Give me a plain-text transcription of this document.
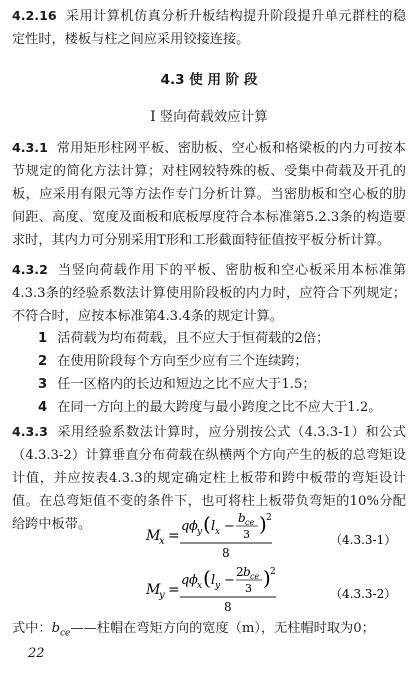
4.2.16 采用计算机仿真分析升板结构提升阶段提升单元群柱的稳定性时，楼板与柱之间应采用铰接连接。
4.3 使 用 阶 段
Ⅰ 竖向荷载效应计算
4.3.1 常用矩形柱网平板、密肋板、空心板和格梁板的内力可按本节规定的简化方法计算；对柱网较特殊的板、受集中荷载及开孔的板，应采用有限元等方法作专门分析计算。当密肋板和空心板的肋间距、高度、宽度及面板和底板厚度符合本标准第5.2.3条的构造要求时，其内力可分别采用T形和工形截面特征值按平板分析计算。
4.3.2 当竖向荷载作用下的平板、密肋板和空心板采用本标准第4.3.3条的经验系数法计算使用阶段板的内力时，应符合下列规定；不符合时，应按本标准第4.3.4条的规定计算。
1 活荷载为均布荷载，且不应大于恒荷载的2倍；
2 在使用阶段每个方向至少应有三个连续跨；
3 任一区格内的长边和短边之比不应大于1.5；
4 在同一方向上的最大跨度与最小跨度之比不应大于1.2。
4.3.3 采用经验系数法计算时，应分别按公式（4.3.3-1）和公式（4.3.3-2）计算垂直分布荷载在纵横两个方向产生的板的总弯矩设计值，并应按表4.3.3的规定确定柱上板带和跨中板带的弯矩设计值。在总弯矩值不变的条件下，也可将柱上板带负弯矩的10%分配给跨中板带。
M
x =
q ϕ y ( l x −
b ce
3 ) 2
8
（4.3.3-1）
M
y =
q ϕ x ( l y −
2 b ce
3 ) 2
8
（4.3.3-2）
式中：$b_{ce}——$柱帽在弯矩方向的宽度（m），无柱帽时取为0；
22
